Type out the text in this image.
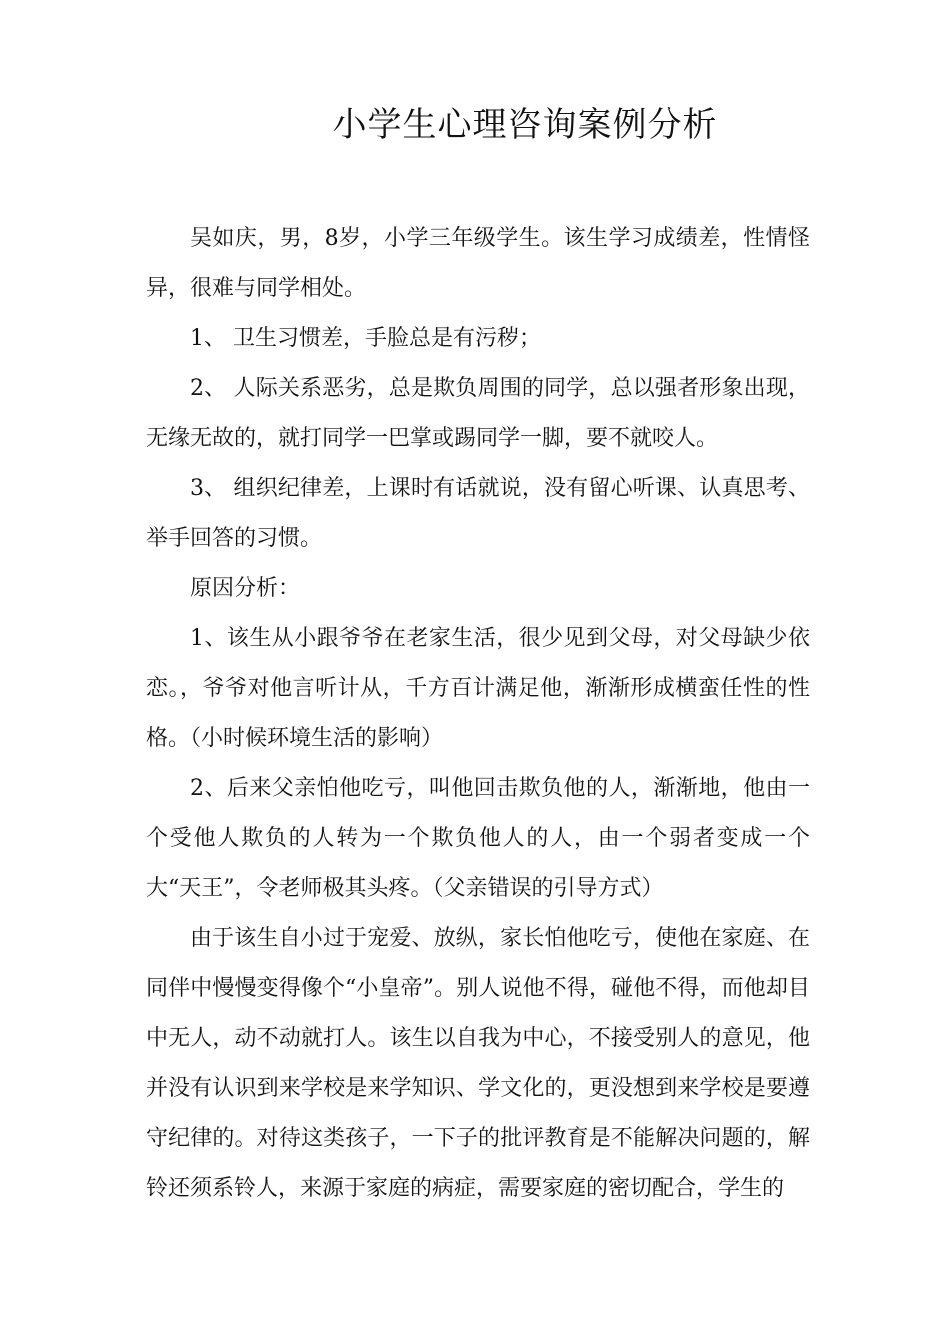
小学生心理咨询案例分析

吴如庆，男，8岁，小学三年级学生。该生学习成绩差，性情怪异，很难与同学相处。

1、 卫生习惯差，手脸总是有污秽；

2、 人际关系恶劣，总是欺负周围的同学，总以强者形象出现，无缘无故的，就打同学一巴掌或踢同学一脚，要不就咬人。

3、 组织纪律差，上课时有话就说，没有留心听课、认真思考、举手回答的习惯。

原因分析：

1、该生从小跟爷爷在老家生活，很少见到父母，对父母缺少依恋。，爷爷对他言听计从，千方百计满足他，渐渐形成横蛮任性的性格。（小时候环境生活的影响）

2、后来父亲怕他吃亏，叫他回击欺负他的人，渐渐地，他由一个受他人欺负的人转为一个欺负他人的人，由一个弱者变成一个大“天王”，令老师极其头疼。（父亲错误的引导方式）

由于该生自小过于宠爱、放纵，家长怕他吃亏，使他在家庭、在同伴中慢慢变得像个“小皇帝”。别人说他不得，碰他不得，而他却目中无人，动不动就打人。该生以自我为中心，不接受别人的意见，他并没有认识到来学校是来学知识、学文化的，更没想到来学校是要遵守纪律的。对待这类孩子，一下子的批评教育是不能解决问题的，解铃还须系铃人，来源于家庭的病症，需要家庭的密切配合，学生的
